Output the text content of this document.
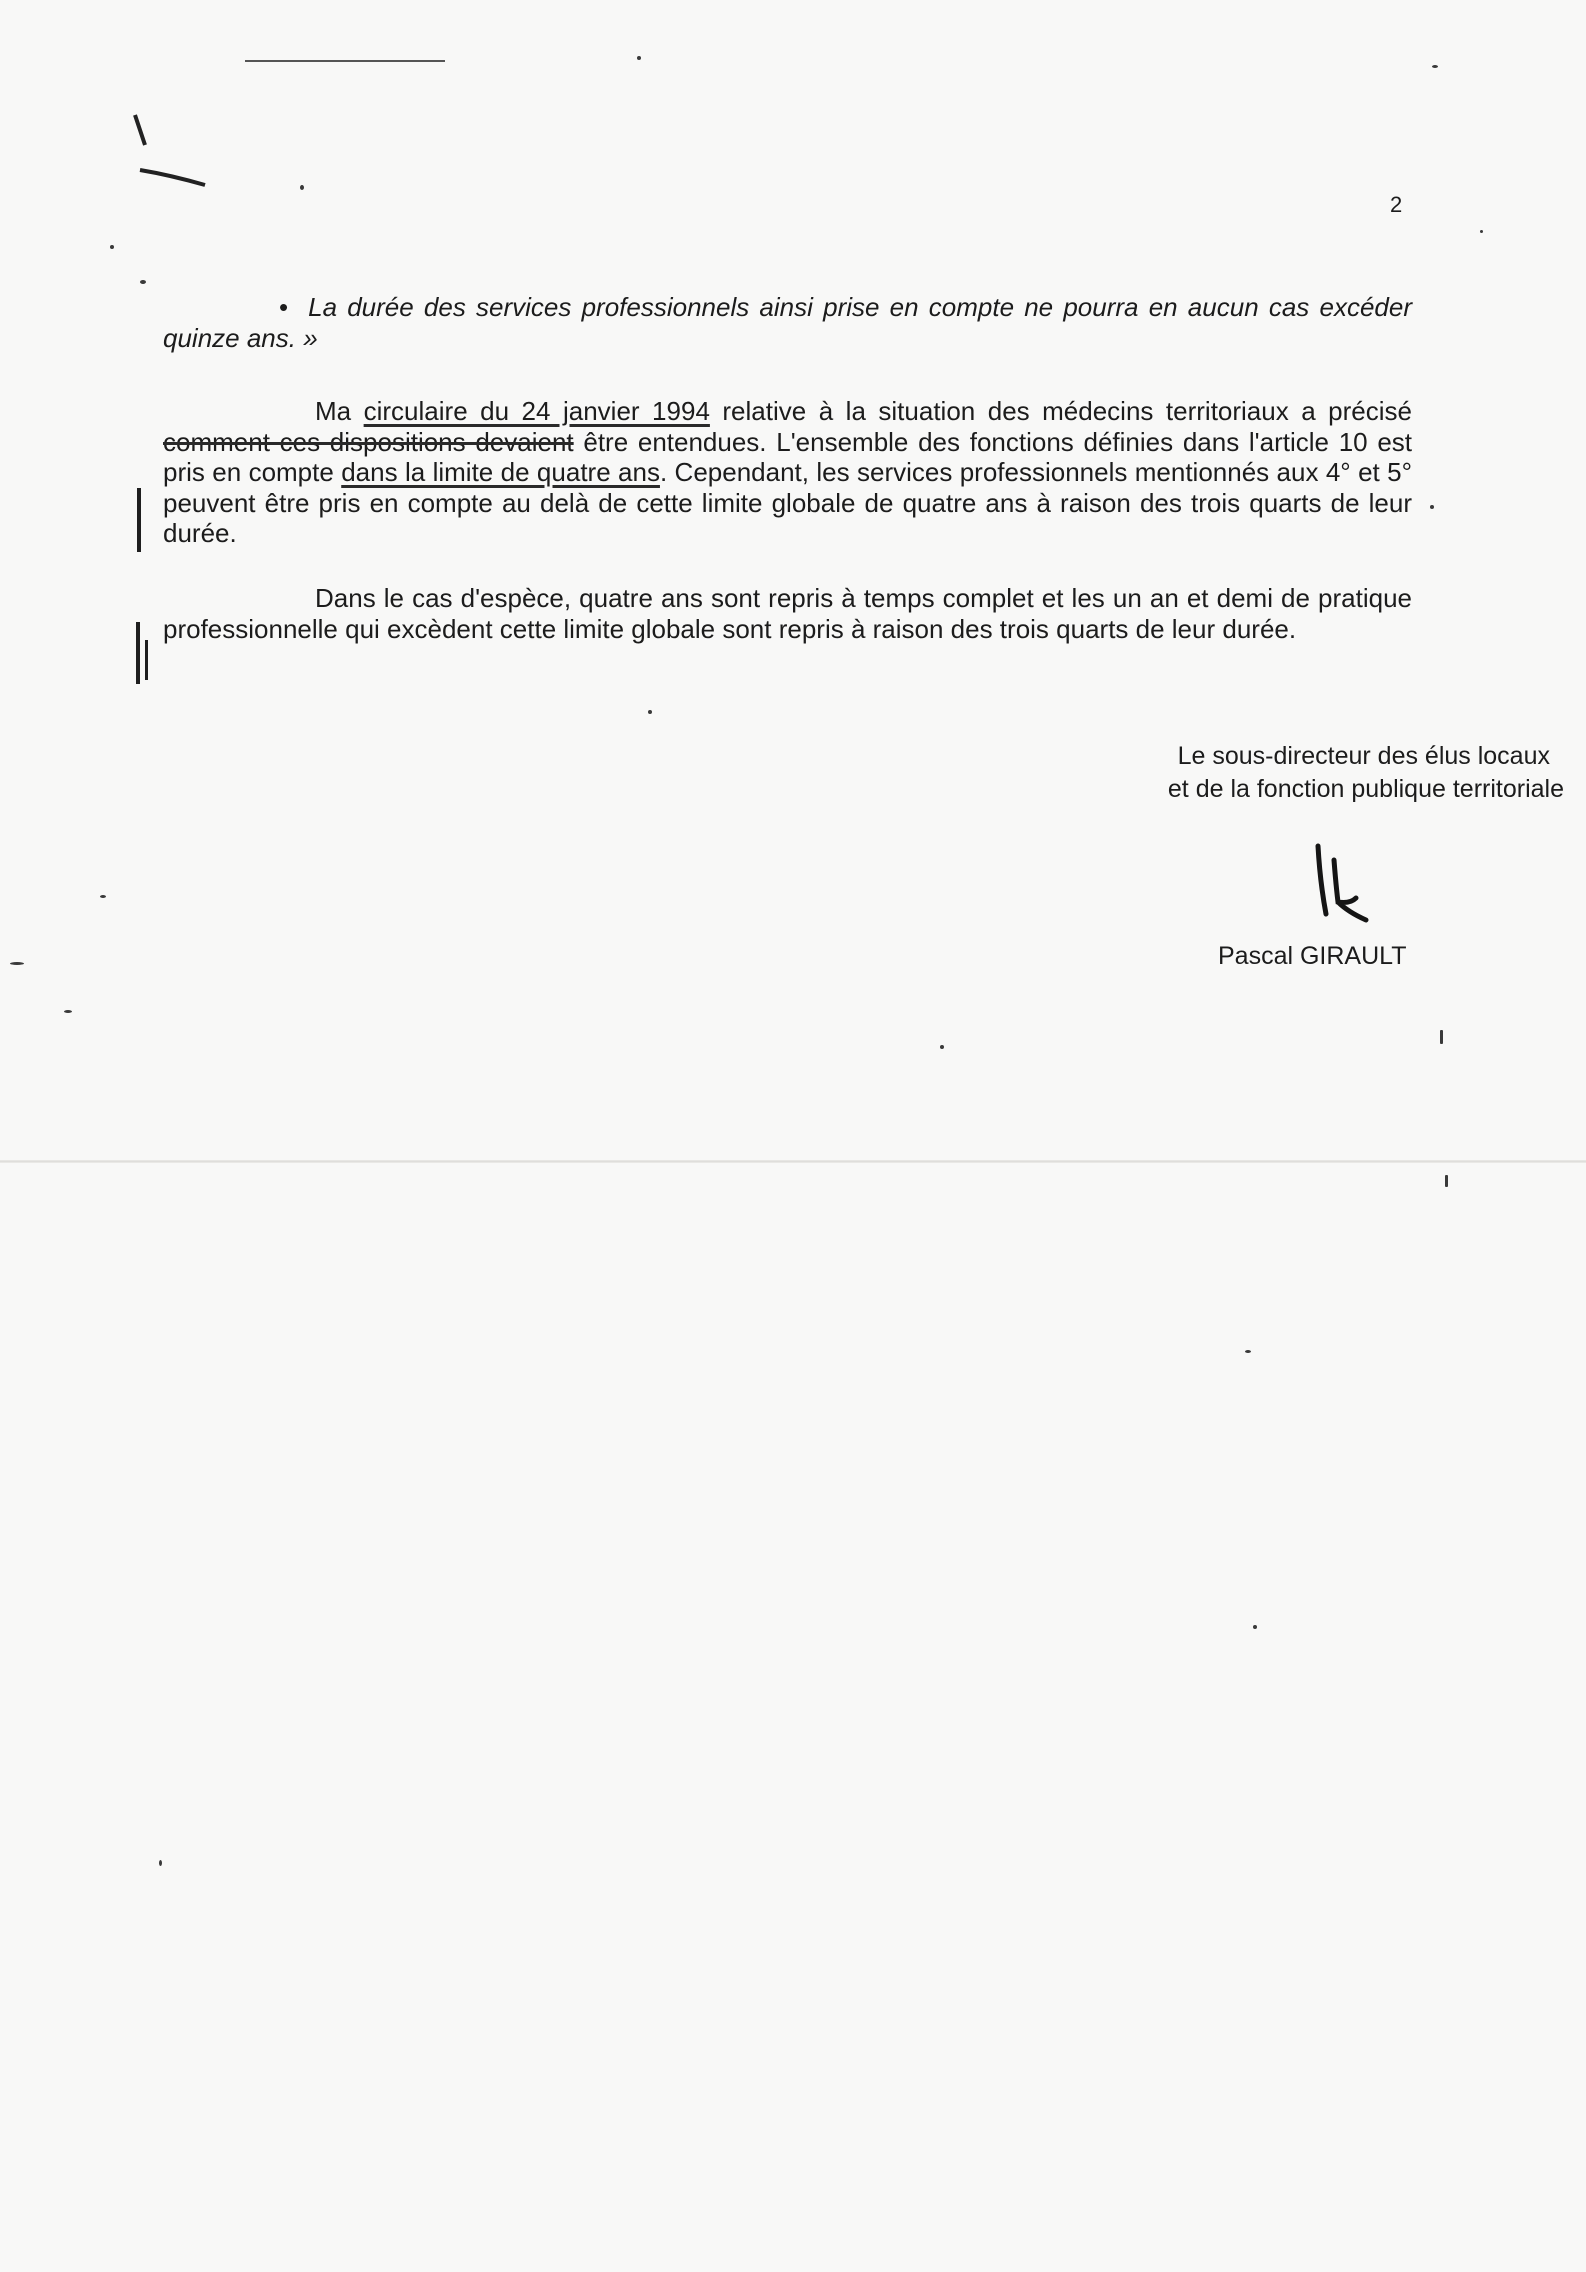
2
• La durée des services professionnels ainsi prise en compte ne pourra en aucun cas excéder quinze ans. »
Ma circulaire du 24 janvier 1994 relative à la situation des médecins territoriaux a précisé comment ces dispositions devaient être entendues. L'ensemble des fonctions définies dans l'article 10 est pris en compte dans la limite de quatre ans. Cependant, les services professionnels mentionnés aux 4° et 5° peuvent être pris en compte au delà de cette limite globale de quatre ans à raison des trois quarts de leur durée.
Dans le cas d'espèce, quatre ans sont repris à temps complet et les un an et demi de pratique professionnelle qui excèdent cette limite globale sont repris à raison des trois quarts de leur durée.
Le sous-directeur des élus locaux
et de la fonction publique territoriale
Pascal GIRAULT
